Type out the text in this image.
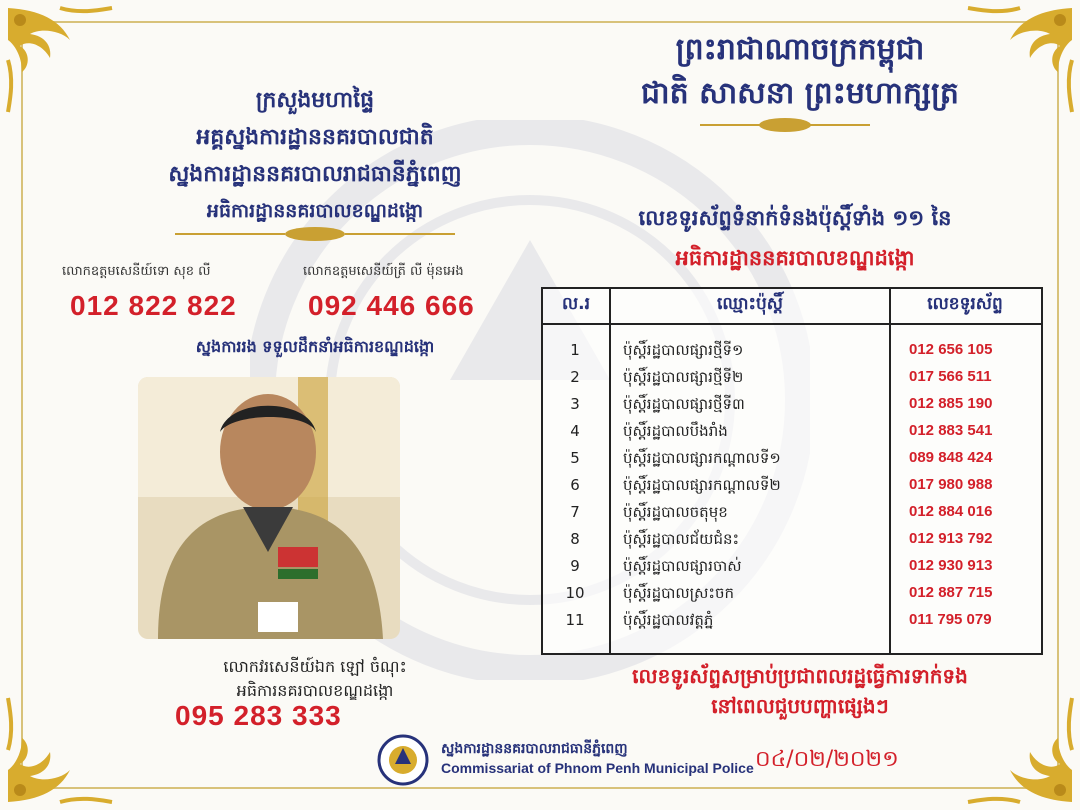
ព្រះរាជាណាចក្រកម្ពុជា
ជាតិ សាសនា ព្រះមហាក្សត្រ
ក្រសួងមហាផ្ទៃ
អគ្គស្នងការដ្ឋាននគរបាលជាតិ
ស្នងការដ្ឋាននគរបាលរាជធានីភ្នំពេញ
អធិការដ្ឋាននគរបាលខណ្ឌដង្កោ
លោកឧត្តមសេនីយ៍ទោ សុខ លី
012 822 822
លោកឧត្តមសេនីយ៍ត្រី លី ម៉ុនអេង
092 446 666
ស្នងការរង ទទួលដឹកនាំអធិការខណ្ឌដង្កោ
លោកវរសេនីយ៍ឯក ឡៅ ចំណុះ
អធិការនគរបាលខណ្ឌដង្កោ
095 283 333
លេខទូរស័ព្ទទំនាក់ទំនងប៉ុស្តិ៍ទាំង ១១ នៃ
អធិការដ្ឋាននគរបាលខណ្ឌដង្កោ
ល.រ	ឈ្មោះប៉ុស្តិ៍	លេខទូរស័ព្ទ
1	ប៉ុស្តិ៍រដ្ឋបាលផ្សារថ្មីទី១	012 656 105
2	ប៉ុស្តិ៍រដ្ឋបាលផ្សារថ្មីទី២	017 566 511
3	ប៉ុស្តិ៍រដ្ឋបាលផ្សារថ្មីទី៣	012 885 190
4	ប៉ុស្តិ៍រដ្ឋបាលបឹងរាំង	012 883 541
5	ប៉ុស្តិ៍រដ្ឋបាលផ្សារកណ្ដាលទី១	089 848 424
6	ប៉ុស្តិ៍រដ្ឋបាលផ្សារកណ្ដាលទី២	017 980 988
7	ប៉ុស្តិ៍រដ្ឋបាលចតុមុខ	012 884 016
8	ប៉ុស្តិ៍រដ្ឋបាលជ័យជំនះ	012 913 792
9	ប៉ុស្តិ៍រដ្ឋបាលផ្សារចាស់	012 930 913
10	ប៉ុស្តិ៍រដ្ឋបាលស្រះចក	012 887 715
11	ប៉ុស្តិ៍រដ្ឋបាលវត្តភ្នំ	011 795 079
លេខទូរស័ព្ទសម្រាប់ប្រជាពលរដ្ឋធ្វើការទាក់ទង
នៅពេលជួបបញ្ហាផ្សេងៗ
ស្នងការដ្ឋាននគរបាលរាជធានីភ្នំពេញ
Commissariat of Phnom Penh Municipal Police ០៤/០២/២០២១
